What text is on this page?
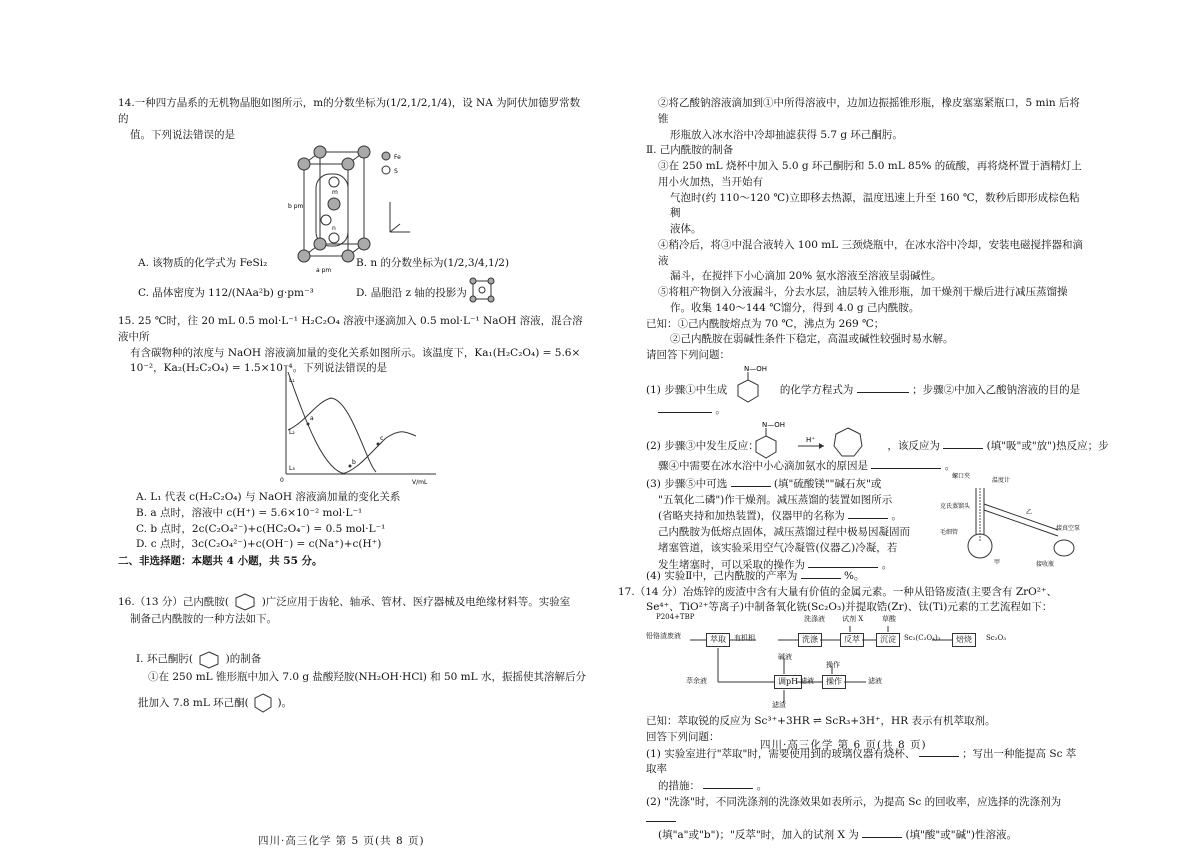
14.一种四方晶系的无机物晶胞如图所示，m的分数坐标为(1/2,1/2,1/4)，设 NA 为阿伏加德罗常数的

值。下列说法错误的是

m
n
b pm
a pm
Fe
S

A. 该物质的化学式为 FeSi₂	B. n 的分数坐标为(1/2,3/4,1/2)

C. 晶体密度为 112/(NAa²b) g·pm⁻³	D. 晶胞沿 z 轴的投影为

15. 25 ℃时，往 20 mL 0.5 mol·L⁻¹ H₂C₂O₄ 溶液中逐滴加入 0.5 mol·L⁻¹ NaOH 溶液，混合溶液中所

有含碳物种的浓度与 NaOH 溶液滴加量的变化关系如图所示。该温度下，Ka₁(H₂C₂O₄) = 5.6×

10⁻²，Ka₂(H₂C₂O₄) = 1.5×10⁻⁴。下列说法错误的是

L₁
L₂
L₃
a
b
c
0	V/mL

A. L₁ 代表 c(H₂C₂O₄) 与 NaOH 溶液滴加量的变化关系

B. a 点时，溶液中 c(H⁺) = 5.6×10⁻² mol·L⁻¹

C. b 点时，2c(C₂O₄²⁻)+c(HC₂O₄⁻) = 0.5 mol·L⁻¹

D. c 点时，3c(C₂O₄²⁻)+c(OH⁻) = c(Na⁺)+c(H⁺)

二、非选择题：本题共 4 小题，共 55 分。

16.（13 分）己内酰胺(	)广泛应用于齿轮、轴承、管材、医疗器械及电绝缘材料等。实验室

制备己内酰胺的一种方法如下。

Ⅰ. 环己酮肟(	)的制备

①在 250 mL 锥形瓶中加入 7.0 g 盐酸羟胺(NH₂OH·HCl) 和 50 mL 水，振摇使其溶解后分

批加入 7.8 mL 环己酮(	)。

四川·高三化学 第 5 页(共 8 页)

②将乙酸钠溶液滴加到①中所得溶液中，边加边振摇锥形瓶，橡皮塞塞紧瓶口，5 min 后将锥

形瓶放入冰水浴中冷却抽滤获得 5.7 g 环己酮肟。

Ⅱ. 己内酰胺的制备

③在 250 mL 烧杯中加入 5.0 g 环己酮肟和 5.0 mL 85% 的硫酸，再将烧杯置于酒精灯上用小火加热，当开始有

气泡时(约 110～120 ℃)立即移去热源，温度迅速上升至 160 ℃，数秒后即形成棕色粘稠

液体。

④稍冷后，将③中混合液转入 100 mL 三颈烧瓶中，在冰水浴中冷却，安装电磁搅拌器和滴液

漏斗，在搅拌下小心滴加 20% 氨水溶液至溶液呈弱碱性。

⑤将粗产物倒入分液漏斗，分去水层，油层转入锥形瓶，加干燥剂干燥后进行减压蒸馏操

作。收集 140～144 ℃馏分，得到 4.0 g 己内酰胺。

已知：①己内酰胺熔点为 70 ℃，沸点为 269 ℃；

②己内酰胺在弱碱性条件下稳定，高温或碱性较强时易水解。

请回答下列问题：

N—OH

(1) 步骤①中生成	的化学方程式为	；步骤②中加入乙酸钠溶液的目的是

。

N—OH
H⁺

(2) 步骤③中发生反应：	，该反应为	(填"吸"或"放")热反应；步

骤④中需要在冰水浴中小心滴加氨水的原因是	。

(3) 步骤⑤中可选	(填"硫酸镁""碱石灰"或

"五氧化二磷")作干燥剂。减压蒸馏的装置如图所示

(省略夹持和加热装置)，仪器甲的名称为	。

己内酰胺为低熔点固体，减压蒸馏过程中极易因凝固而

堵塞管道，该实验采用空气冷凝管(仪器乙)冷凝，若

发生堵塞时，可以采取的操作为	。

螺口夹
温度计
克氏蒸馏头
乙
毛细管
甲	接收瓶
接真空泵

(4) 实验Ⅱ中，己内酰胺的产率为	%。

17.（14 分）冶炼锌的废渣中含有大量有价值的金属元素。一种从铅铬废渣(主要含有 ZrO²⁺、

Se⁴⁺、TiO²⁺等离子)中制备氧化铣(Sc₂O₃)并提取锆(Zr)、钛(Ti)元素的工艺流程如下：

P204+TBP
铅铬渣废液	萃取	有机相	洗涤
洗涤液
反萃
试剂 X
沉淀
草酸
Sc₂(C₂O₄)₃	焙烧	Sc₂O₃
萃余液
碱液
调pH 滤液
操作
操作	滤液
滤渣

已知：萃取锐的反应为 Sc³⁺+3HR ⇌ ScR₃+3H⁺，HR 表示有机萃取剂。

回答下列问题：

(1) 实验室进行"萃取"时，需要使用到的玻璃仪器有烧杯、	；写出一种能提高 Sc 萃取率

的措施：	。

(2) "洗涤"时，不同洗涤剂的洗涤效果如表所示，为提高 Sc 的回收率，应选择的洗涤剂为

(填"a"或"b")；"反萃"时，加入的试剂 X 为	(填"酸"或"碱")性溶液。

四川·高三化学 第 6 页(共 8 页)
